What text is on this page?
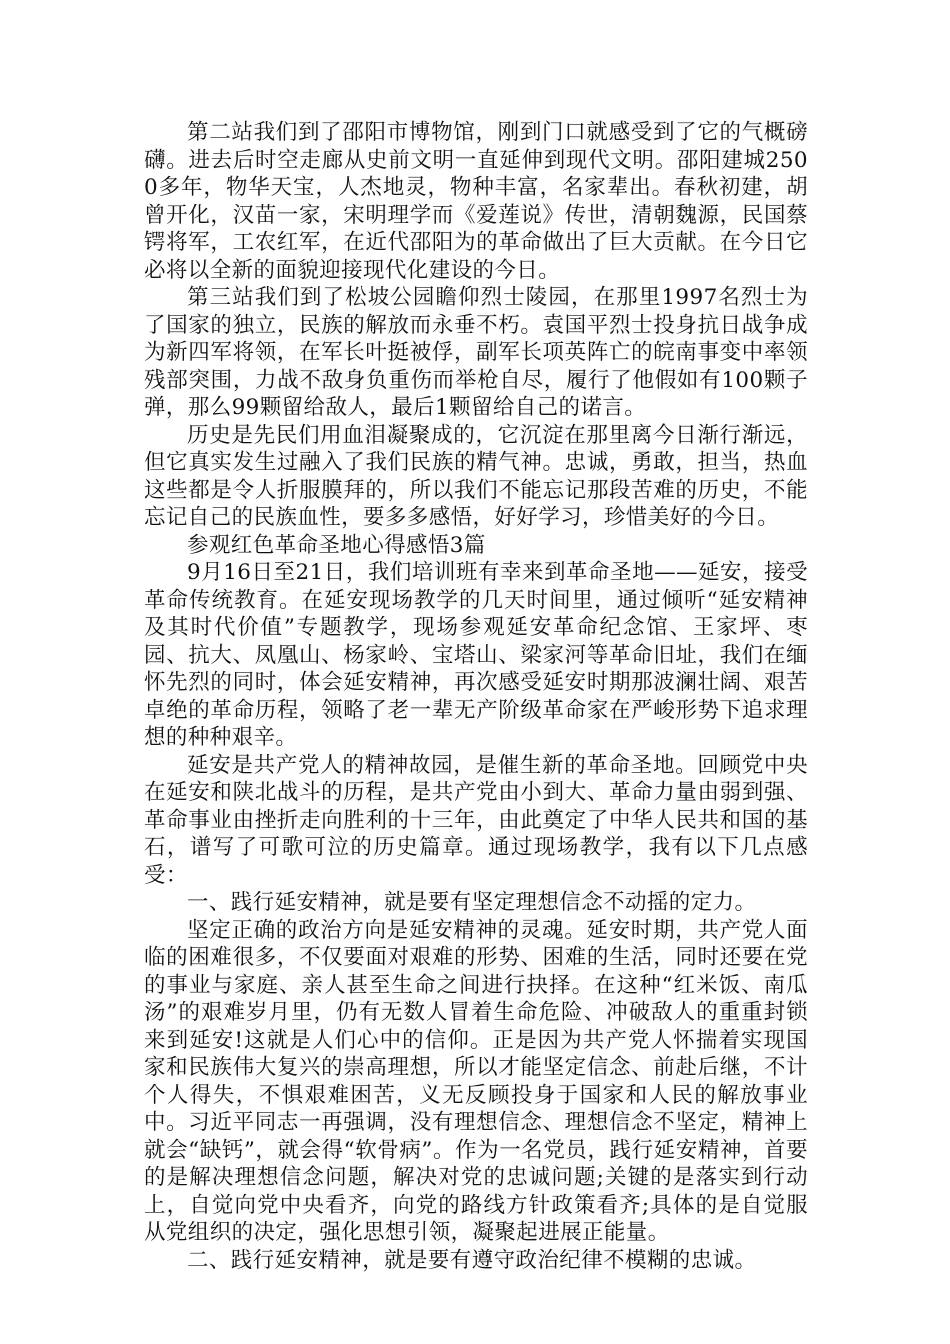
第二站我们到了邵阳市博物馆，刚到门口就感受到了它的气概磅礴。进去后时空走廊从史前文明一直延伸到现代文明。邵阳建城2500多年，物华天宝，人杰地灵，物种丰富，名家辈出。春秋初建，胡曾开化，汉苗一家，宋明理学而《爱莲说》传世，清朝魏源，民国蔡锷将军，工农红军，在近代邵阳为的革命做出了巨大贡献。在今日它必将以全新的面貌迎接现代化建设的今日。

第三站我们到了松坡公园瞻仰烈士陵园，在那里1997名烈士为了国家的独立，民族的解放而永垂不朽。袁国平烈士投身抗日战争成为新四军将领，在军长叶挺被俘，副军长项英阵亡的皖南事变中率领残部突围，力战不敌身负重伤而举枪自尽，履行了他假如有100颗子弹，那么99颗留给敌人，最后1颗留给自己的诺言。

历史是先民们用血泪凝聚成的，它沉淀在那里离今日渐行渐远，但它真实发生过融入了我们民族的精气神。忠诚，勇敢，担当，热血这些都是令人折服膜拜的，所以我们不能忘记那段苦难的历史，不能忘记自己的民族血性，要多多感悟，好好学习，珍惜美好的今日。

参观红色革命圣地心得感悟3篇

9月16日至21日，我们培训班有幸来到革命圣地——延安，接受革命传统教育。在延安现场教学的几天时间里，通过倾听“延安精神及其时代价值”专题教学，现场参观延安革命纪念馆、王家坪、枣园、抗大、凤凰山、杨家岭、宝塔山、梁家河等革命旧址，我们在缅怀先烈的同时，体会延安精神，再次感受延安时期那波澜壮阔、艰苦卓绝的革命历程，领略了老一辈无产阶级革命家在严峻形势下追求理想的种种艰辛。

延安是共产党人的精神故园，是催生新的革命圣地。回顾党中央在延安和陕北战斗的历程，是共产党由小到大、革命力量由弱到强、革命事业由挫折走向胜利的十三年，由此奠定了中华人民共和国的基石，谱写了可歌可泣的历史篇章。通过现场教学，我有以下几点感受：

一、践行延安精神，就是要有坚定理想信念不动摇的定力。

坚定正确的政治方向是延安精神的灵魂。延安时期，共产党人面临的困难很多，不仅要面对艰难的形势、困难的生活，同时还要在党的事业与家庭、亲人甚至生命之间进行抉择。在这种“红米饭、南瓜汤”的艰难岁月里，仍有无数人冒着生命危险、冲破敌人的重重封锁来到延安!这就是人们心中的信仰。正是因为共产党人怀揣着实现国家和民族伟大复兴的崇高理想，所以才能坚定信念、前赴后继，不计个人得失，不惧艰难困苦，义无反顾投身于国家和人民的解放事业中。习近平同志一再强调，没有理想信念、理想信念不坚定，精神上就会“缺钙”，就会得“软骨病”。作为一名党员，践行延安精神，首要的是解决理想信念问题，解决对党的忠诚问题;关键的是落实到行动上，自觉向党中央看齐，向党的路线方针政策看齐;具体的是自觉服从党组织的决定，强化思想引领，凝聚起进展正能量。

二、践行延安精神，就是要有遵守政治纪律不模糊的忠诚。
